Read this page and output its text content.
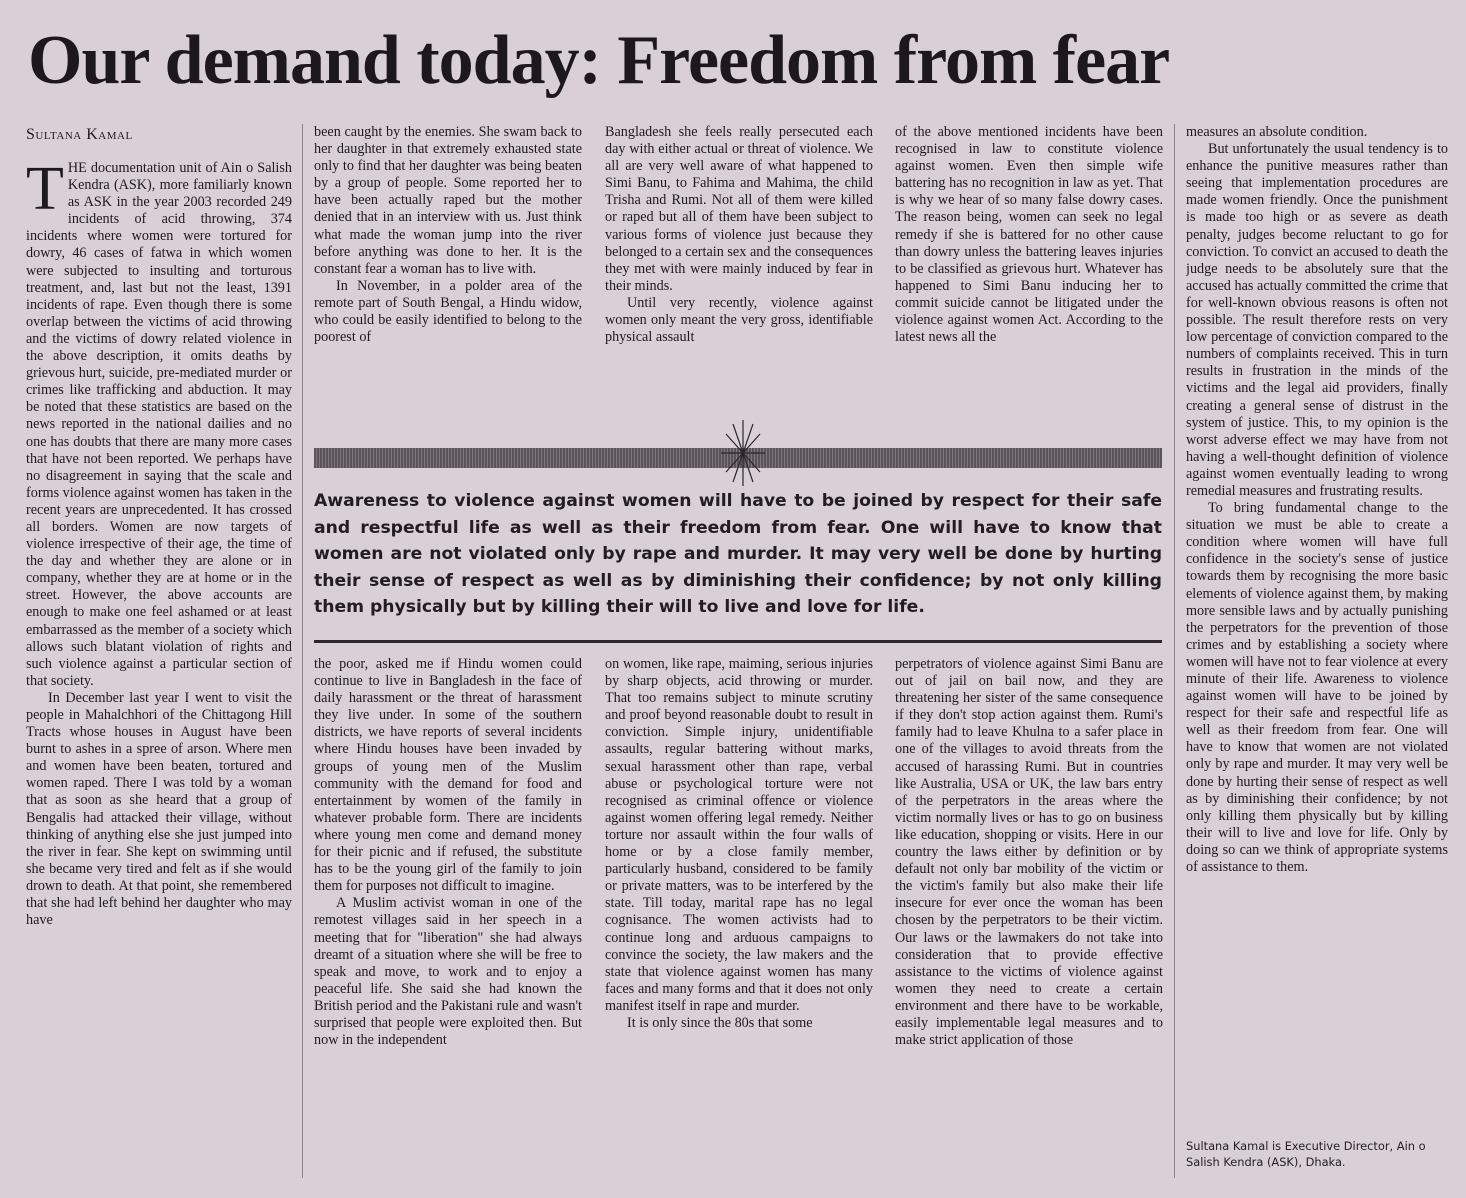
Our demand today: Freedom from fear
Sultana Kamal

THE documentation unit of Ain o Salish Kendra (ASK), more familiarly known as ASK in the year 2003 recorded 249 incidents of acid throwing, 374 incidents where women were tortured for dowry, 46 cases of fatwa in which women were subjected to insulting and torturous treatment, and, last but not the least, 1391 incidents of rape. Even though there is some overlap between the victims of acid throwing and the victims of dowry related violence in the above description, it omits deaths by grievous hurt, suicide, pre-mediated murder or crimes like trafficking and abduction. It may be noted that these statistics are based on the news reported in the national dailies and no one has doubts that there are many more cases that have not been reported. We perhaps have no disagreement in saying that the scale and forms violence against women has taken in the recent years are unprecedented. It has crossed all borders. Women are now targets of violence irrespective of their age, the time of the day and whether they are alone or in company, whether they are at home or in the street. However, the above accounts are enough to make one feel ashamed or at least embarrassed as the member of a society which allows such blatant violation of rights and such violence against a particular section of that society.

In December last year I went to visit the people in Mahalchhori of the Chittagong Hill Tracts whose houses in August have been burnt to ashes in a spree of arson. Where men and women have been beaten, tortured and women raped. There I was told by a woman that as soon as she heard that a group of Bengalis had attacked their village, without thinking of anything else she just jumped into the river in fear. She kept on swimming until she became very tired and felt as if she would drown to death. At that point, she remembered that she had left behind her daughter who may have

been caught by the enemies. She swam back to her daughter in that extremely exhausted state only to find that her daughter was being beaten by a group of people. Some reported her to have been actually raped but the mother denied that in an interview with us. Just think what made the woman jump into the river before anything was done to her. It is the constant fear a woman has to live with.

In November, in a polder area of the remote part of South Bengal, a Hindu widow, who could be easily identified to belong to the poorest of

Bangladesh she feels really persecuted each day with either actual or threat of violence. We all are very well aware of what happened to Simi Banu, to Fahima and Mahima, the child Trisha and Rumi. Not all of them were killed or raped but all of them have been subject to various forms of violence just because they belonged to a certain sex and the consequences they met with were mainly induced by fear in their minds.

Until very recently, violence against women only meant the very gross, identifiable physical assault

of the above mentioned incidents have been recognised in law to constitute violence against women. Even then simple wife battering has no recognition in law as yet. That is why we hear of so many false dowry cases. The reason being, women can seek no legal remedy if she is battered for no other cause than dowry unless the battering leaves injuries to be classified as grievous hurt. Whatever has happened to Simi Banu inducing her to commit suicide cannot be litigated under the violence against women Act. According to the latest news all the

Awareness to violence against women will have to be joined by respect for their safe and respectful life as well as their freedom from fear. One will have to know that women are not violated only by rape and murder. It may very well be done by hurting their sense of respect as well as by diminishing their confidence; by not only killing them physically but by killing their will to live and love for life.

measures an absolute condition.

But unfortunately the usual tendency is to enhance the punitive measures rather than seeing that implementation procedures are made women friendly. Once the punishment is made too high or as severe as death penalty, judges become reluctant to go for conviction. To convict an accused to death the judge needs to be absolutely sure that the accused has actually committed the crime that for well-known obvious reasons is often not possible. The result therefore rests on very low percentage of conviction compared to the numbers of complaints received. This in turn results in frustration in the minds of the victims and the legal aid providers, finally creating a general sense of distrust in the system of justice. This, to my opinion is the worst adverse effect we may have from not having a well-thought definition of violence against women eventually leading to wrong remedial measures and frustrating results.

To bring fundamental change to the situation we must be able to create a condition where women will have full confidence in the society's sense of justice towards them by recognising the more basic elements of violence against them, by making more sensible laws and by actually punishing the perpetrators for the prevention of those crimes and by establishing a society where women will have not to fear violence at every minute of their life. Awareness to violence against women will have to be joined by respect for their safe and respectful life as well as their freedom from fear. One will have to know that women are not violated only by rape and murder. It may very well be done by hurting their sense of respect as well as by diminishing their confidence; by not only killing them physically but by killing their will to live and love for life. Only by doing so can we think of appropriate systems of assistance to them.

the poor, asked me if Hindu women could continue to live in Bangladesh in the face of daily harassment or the threat of harassment they live under. In some of the southern districts, we have reports of several incidents where Hindu houses have been invaded by groups of young men of the Muslim community with the demand for food and entertainment by women of the family in whatever probable form. There are incidents where young men come and demand money for their picnic and if refused, the substitute has to be the young girl of the family to join them for purposes not difficult to imagine.

A Muslim activist woman in one of the remotest villages said in her speech in a meeting that for "liberation" she had always dreamt of a situation where she will be free to speak and move, to work and to enjoy a peaceful life. She said she had known the British period and the Pakistani rule and wasn't surprised that people were exploited then. But now in the independent

on women, like rape, maiming, serious injuries by sharp objects, acid throwing or murder. That too remains subject to minute scrutiny and proof beyond reasonable doubt to result in conviction. Simple injury, unidentifiable assaults, regular battering without marks, sexual harassment other than rape, verbal abuse or psychological torture were not recognised as criminal offence or violence against women offering legal remedy. Neither torture nor assault within the four walls of home or by a close family member, particularly husband, considered to be family or private matters, was to be interfered by the state. Till today, marital rape has no legal cognisance. The women activists had to continue long and arduous campaigns to convince the society, the law makers and the state that violence against women has many faces and many forms and that it does not only manifest itself in rape and murder.

It is only since the 80s that some

perpetrators of violence against Simi Banu are out of jail on bail now, and they are threatening her sister of the same consequence if they don't stop action against them. Rumi's family had to leave Khulna to a safer place in one of the villages to avoid threats from the accused of harassing Rumi. But in countries like Australia, USA or UK, the law bars entry of the perpetrators in the areas where the victim normally lives or has to go on business like education, shopping or visits. Here in our country the laws either by definition or by default not only bar mobility of the victim or the victim's family but also make their life insecure for ever once the woman has been chosen by the perpetrators to be their victim. Our laws or the lawmakers do not take into consideration that to provide effective assistance to the victims of violence against women they need to create a certain environment and there have to be workable, easily implementable legal measures and to make strict application of those

Sultana Kamal is Executive Director, Ain o Salish Kendra (ASK), Dhaka.
